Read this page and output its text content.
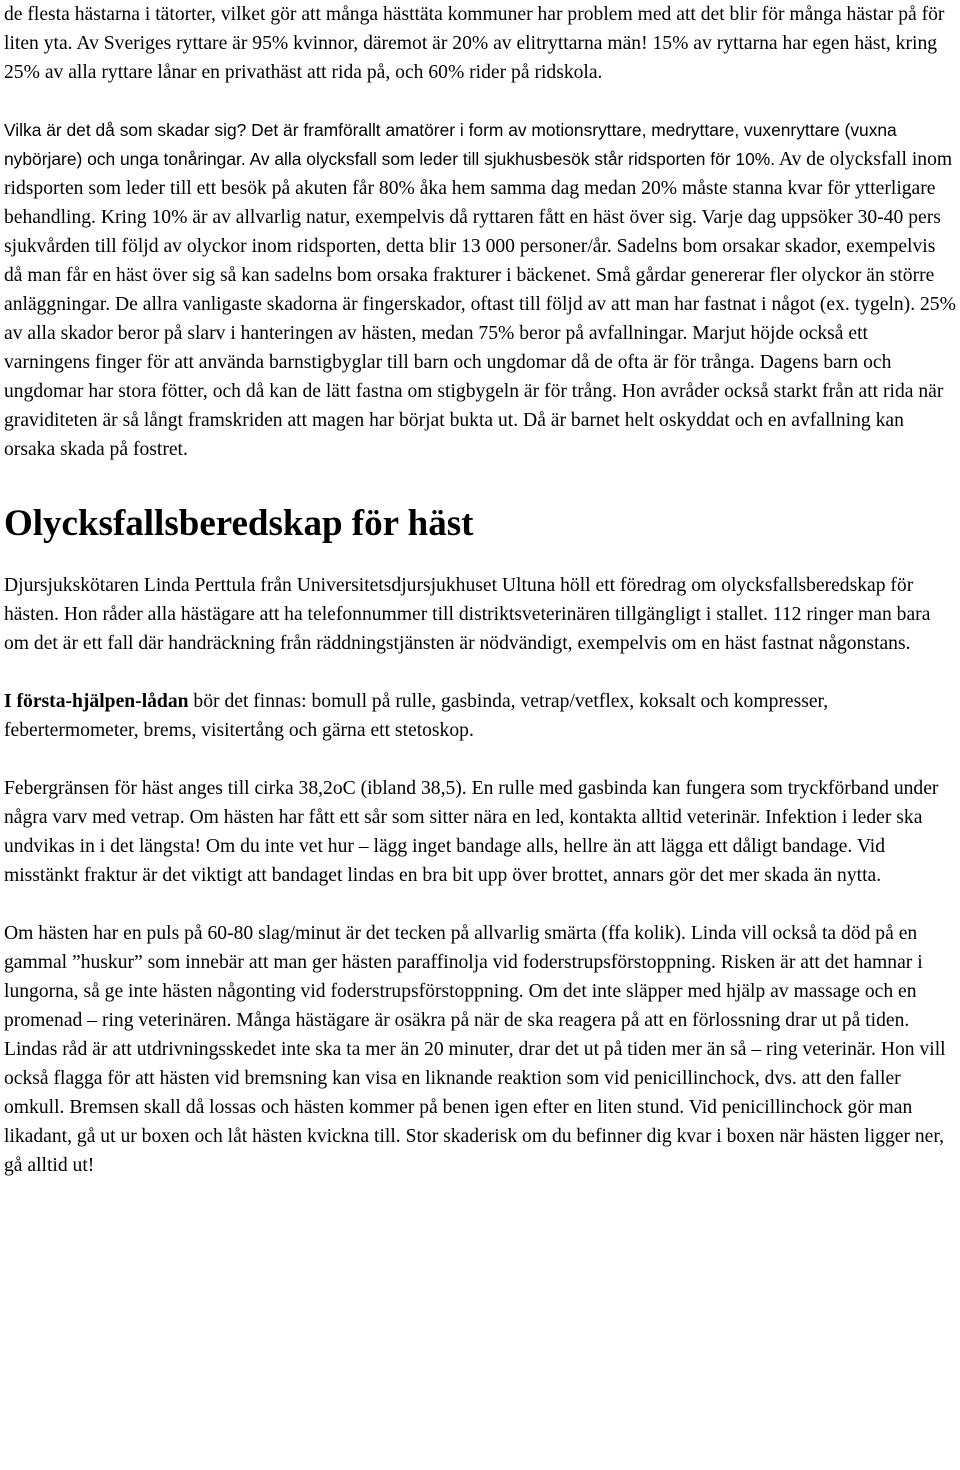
de flesta hästarna i tätorter, vilket gör att många hästtäta kommuner har problem med att det blir för många hästar på för liten yta. Av Sveriges ryttare är 95% kvinnor, däremot är 20% av elitryttarna män! 15% av ryttarna har egen häst, kring 25% av alla ryttare lånar en privathäst att rida på, och 60% rider på ridskola.

Vilka är det då som skadar sig? Det är framförallt amatörer i form av motionsryttare, medryttare, vuxenryttare (vuxna nybörjare) och unga tonåringar. Av alla olycksfall som leder till sjukhusbesök står ridsporten för 10%. Av de olycksfall inom ridsporten som leder till ett besök på akuten får 80% åka hem samma dag medan 20% måste stanna kvar för ytterligare behandling. Kring 10% är av allvarlig natur, exempelvis då ryttaren fått en häst över sig. Varje dag uppsöker 30-40 pers sjukvården till följd av olyckor inom ridsporten, detta blir 13 000 personer/år. Sadelns bom orsakar skador, exempelvis då man får en häst över sig så kan sadelns bom orsaka frakturer i bäckenet. Små gårdar genererar fler olyckor än större anläggningar. De allra vanligaste skadorna är fingerskador, oftast till följd av att man har fastnat i något (ex. tygeln). 25% av alla skador beror på slarv i hanteringen av hästen, medan 75% beror på avfallningar. Marjut höjde också ett varningens finger för att använda barnstigbyglar till barn och ungdomar då de ofta är för trånga. Dagens barn och ungdomar har stora fötter, och då kan de lätt fastna om stigbygeln är för trång. Hon avråder också starkt från att rida när graviditeten är så långt framskriden att magen har börjat bukta ut. Då är barnet helt oskyddat och en avfallning kan orsaka skada på fostret.

Olycksfallsberedskap för häst

Djursjukskötaren Linda Perttula från Universitetsdjursjukhuset Ultuna höll ett föredrag om olycksfallsberedskap för hästen. Hon råder alla hästägare att ha telefonnummer till distriktsveterinären tillgängligt i stallet. 112 ringer man bara om det är ett fall där handräckning från räddningstjänsten är nödvändigt, exempelvis om en häst fastnat någonstans.

I första-hjälpen-lådan bör det finnas: bomull på rulle, gasbinda, vetrap/vetflex, koksalt och kompresser, febertermometer, brems, visitertång och gärna ett stetoskop.

Febergränsen för häst anges till cirka 38,2oC (ibland 38,5). En rulle med gasbinda kan fungera som tryckförband under några varv med vetrap. Om hästen har fått ett sår som sitter nära en led, kontakta alltid veterinär. Infektion i leder ska undvikas in i det längsta! Om du inte vet hur – lägg inget bandage alls, hellre än att lägga ett dåligt bandage. Vid misstänkt fraktur är det viktigt att bandaget lindas en bra bit upp över brottet, annars gör det mer skada än nytta.

Om hästen har en puls på 60-80 slag/minut är det tecken på allvarlig smärta (ffa kolik). Linda vill också ta död på en gammal ”huskur” som innebär att man ger hästen paraffinolja vid foderstrupsförstoppning. Risken är att det hamnar i lungorna, så ge inte hästen någonting vid foderstrupsförstoppning. Om det inte släpper med hjälp av massage och en promenad – ring veterinären. Många hästägare är osäkra på när de ska reagera på att en förlossning drar ut på tiden. Lindas råd är att utdrivningsskedet inte ska ta mer än 20 minuter, drar det ut på tiden mer än så – ring veterinär. Hon vill också flagga för att hästen vid bremsning kan visa en liknande reaktion som vid penicillinchock, dvs. att den faller omkull. Bremsen skall då lossas och hästen kommer på benen igen efter en liten stund. Vid penicillinchock gör man likadant, gå ut ur boxen och låt hästen kvickna till. Stor skaderisk om du befinner dig kvar i boxen när hästen ligger ner, gå alltid ut!
